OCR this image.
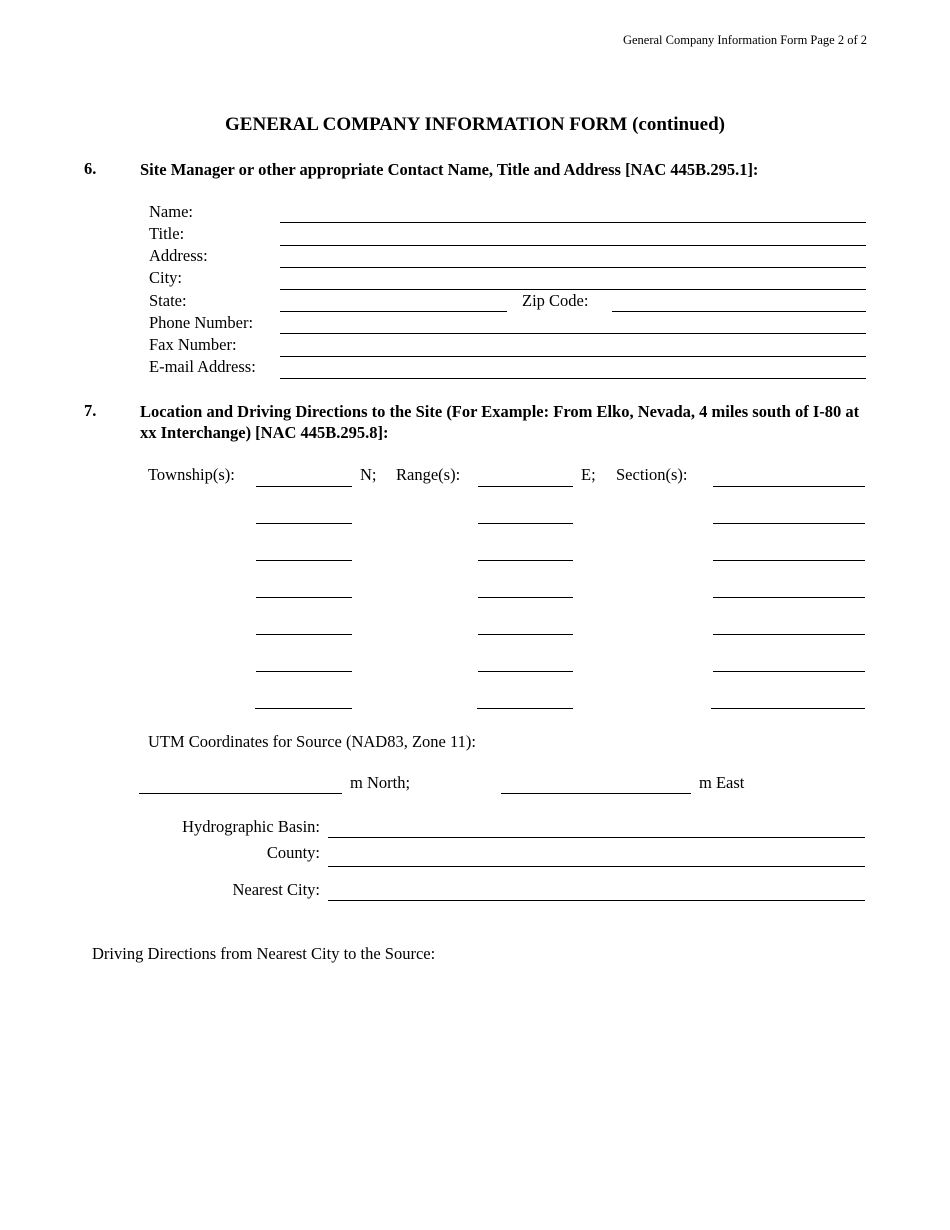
General Company Information Form Page 2 of 2
GENERAL COMPANY INFORMATION FORM (continued)
6.	Site Manager or other appropriate Contact Name, Title and Address [NAC 445B.295.1]:
Name:
Title:
Address:
City:
State:	Zip Code:
Phone Number:
Fax Number:
E-mail Address:
7.	Location and Driving Directions to the Site (For Example: From Elko, Nevada, 4 miles south of I-80 at xx Interchange) [NAC 445B.295.8]:
Township(s):	N; Range(s):	E; Section(s):
UTM Coordinates for Source (NAD83, Zone 11):
m North;	m East
Hydrographic Basin:
County:
Nearest City:
Driving Directions from Nearest City to the Source:
